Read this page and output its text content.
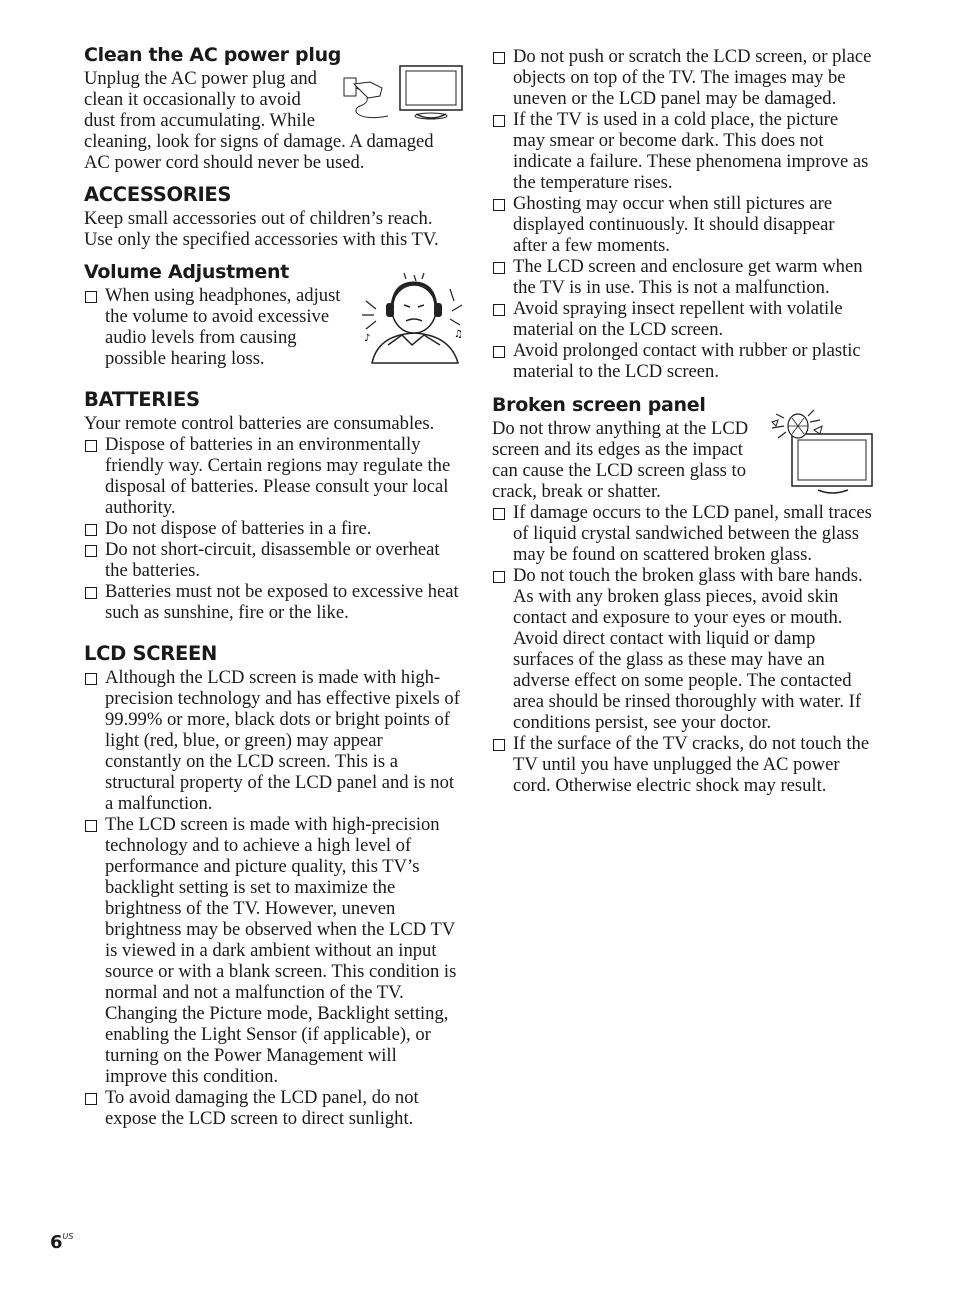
Clean the AC power plug

Unplug the AC power plug and clean it occasionally to avoid dust from accumulating. While cleaning, look for signs of damage. A damaged AC power cord should never be used.

ACCESSORIES

Keep small accessories out of children’s reach. Use only the specified accessories with this TV.

Volume Adjustment
♪	♫
When using headphones, adjust the volume to avoid excessive audio levels from causing possible hearing loss.
BATTERIES

Your remote control batteries are consumables.

Dispose of batteries in an environmentally friendly way. Certain regions may regulate the disposal of batteries. Please consult your local authority.
Do not dispose of batteries in a fire.
Do not short-circuit, disassemble or overheat the batteries.
Batteries must not be exposed to excessive heat such as sunshine, fire or the like.
LCD SCREEN
Although the LCD screen is made with high-precision technology and has effective pixels of 99.99% or more, black dots or bright points of light (red, blue, or green) may appear constantly on the LCD screen. This is a structural property of the LCD panel and is not a malfunction.
The LCD screen is made with high-precision technology and to achieve a high level of performance and picture quality, this TV’s backlight setting is set to maximize the brightness of the TV. However, uneven brightness may be observed when the LCD TV is viewed in a dark ambient without an input source or with a blank screen. This condition is normal and not a malfunction of the TV. Changing the Picture mode, Backlight setting, enabling the Light Sensor (if applicable), or turning on the Power Management will improve this condition.
To avoid damaging the LCD panel, do not expose the LCD screen to direct sunlight.
Do not push or scratch the LCD screen, or place objects on top of the TV. The images may be uneven or the LCD panel may be damaged.
If the TV is used in a cold place, the picture may smear or become dark. This does not indicate a failure. These phenomena improve as the temperature rises.
Ghosting may occur when still pictures are displayed continuously. It should disappear after a few moments.
The LCD screen and enclosure get warm when the TV is in use. This is not a malfunction.
Avoid spraying insect repellent with volatile material on the LCD screen.
Avoid prolonged contact with rubber or plastic material to the LCD screen.
Broken screen panel

Do not throw anything at the LCD screen and its edges as the impact can cause the LCD screen glass to crack, break or shatter.

If damage occurs to the LCD panel, small traces of liquid crystal sandwiched between the glass may be found on scattered broken glass.
Do not touch the broken glass with bare hands. As with any broken glass pieces, avoid skin contact and exposure to your eyes or mouth. Avoid direct contact with liquid or damp surfaces of the glass as these may have an adverse effect on some people. The contacted area should be rinsed thoroughly with water. If conditions persist, see your doctor.
If the surface of the TV cracks, do not touch the TV until you have unplugged the AC power cord. Otherwise electric shock may result.
$6^{US}$
